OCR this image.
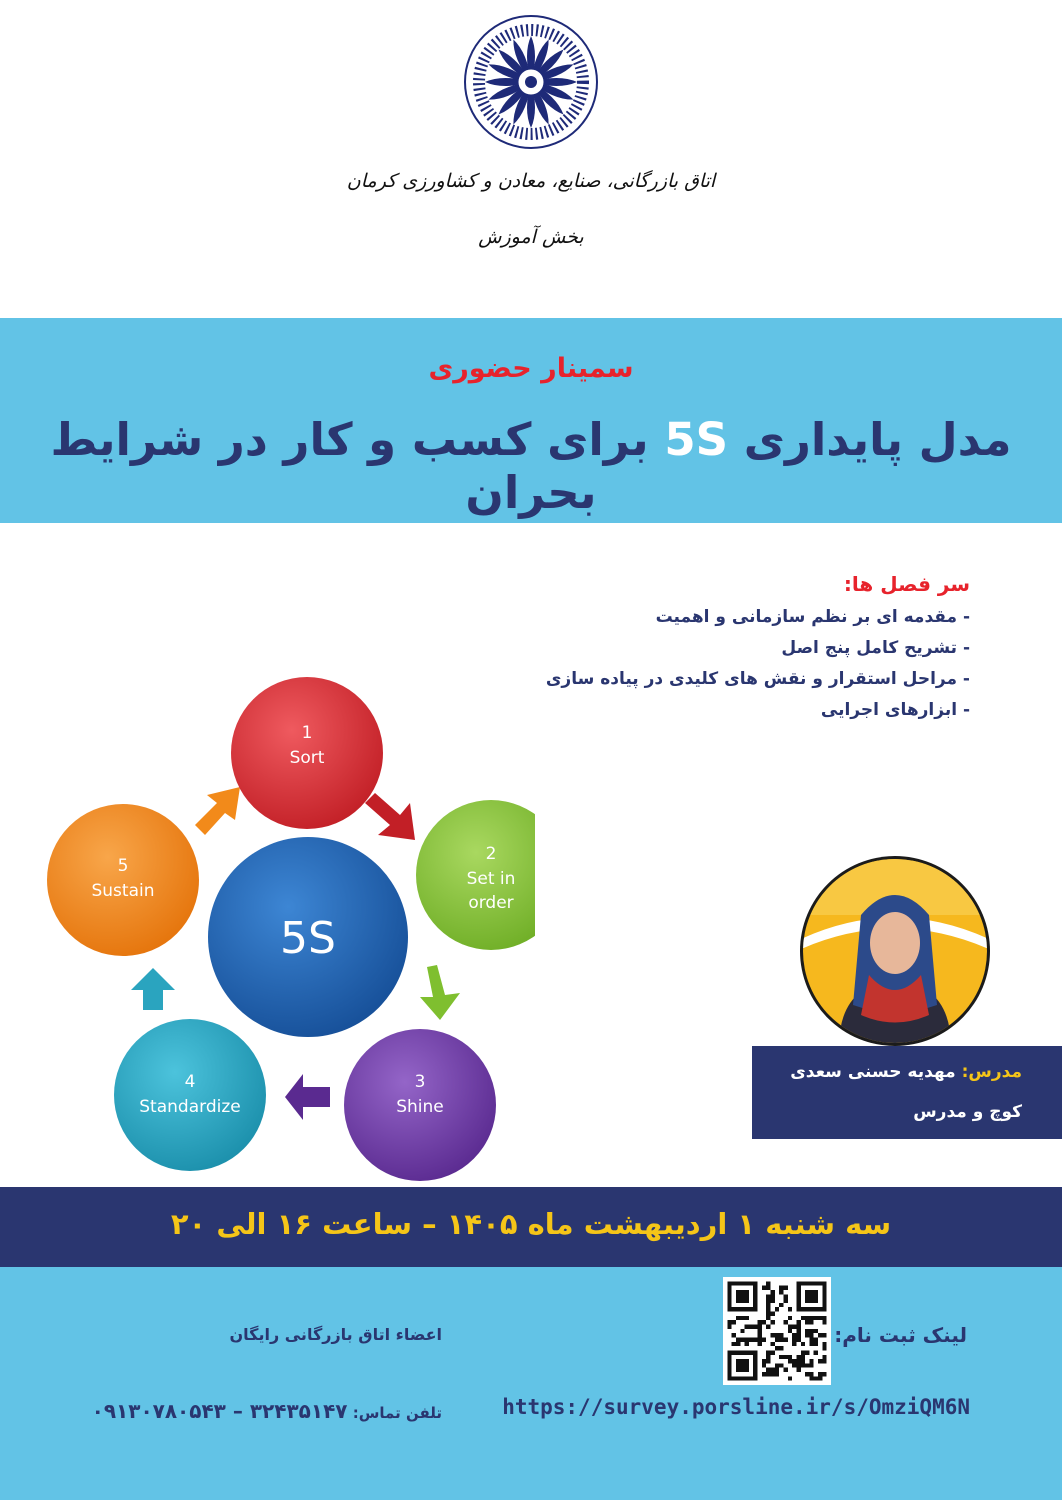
اتاق بازرگانی، صنایع، معادن و کشاورزی کرمان
بخش آموزش
سمینار حضوری
مدل پایداری 5S برای کسب و کار در شرایط بحران
1
Sort
2
Set in
order
3
Shine
4
Standardize
5
Sustain
5S
سر فصل ها:
- مقدمه ای بر نظم سازمانی و اهمیت
- تشریح کامل پنج اصل
- مراحل استقرار و نقش های کلیدی در پیاده سازی
- ابزارهای اجرایی
مدرس: مهدیه حسنی سعدی
کوچ و مدرس
سه شنبه ۱ اردیبهشت ماه ۱۴۰۵ – ساعت ۱۶ الی ۲۰
لینک ثبت نام:
https://survey.porsline.ir/s/OmziQM6N
اعضاء اتاق بازرگانی رایگان
تلفن تماس: ۳۲۴۳۵۱۴۷ – ۰۹۱۳۰۷۸۰۵۴۳
